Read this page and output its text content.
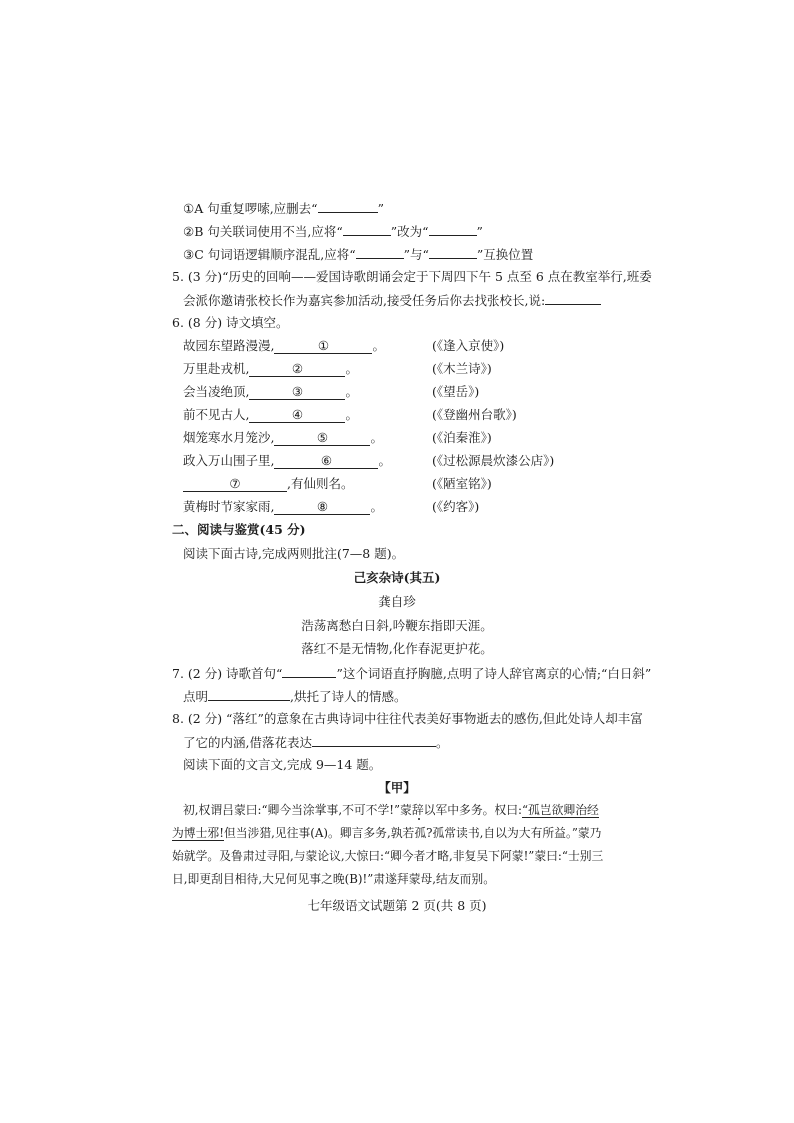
①A 句重复啰嗦,应删去“	”
②B 句关联词使用不当,应将“	”改为“	”
③C 句词语逻辑顺序混乱,应将“	”与“	”互换位置
5. (3 分)“历史的回响——爱国诗歌朗诵会定于下周四下午 5 点至 6 点在教室举行,班委
会派你邀请张校长作为嘉宾参加活动,接受任务后你去找张校长,说:
6. (8 分) 诗文填空。
故园东望路漫漫,	①	。	(《逢入京使》)
万里赴戎机,	②	。	(《木兰诗》)
会当凌绝顶,	③	。	(《望岳》)
前不见古人,	④	。	(《登幽州台歌》)
烟笼寒水月笼沙,	⑤	。	(《泊秦淮》)
政入万山围子里,	⑥	。	(《过松源晨炊漆公店》)
⑦	,有仙则名。	(《陋室铭》)
黄梅时节家家雨,	⑧	。	(《约客》)
二、阅读与鉴赏(45 分)
阅读下面古诗,完成两则批注(7—8 题)。
己亥杂诗(其五)
龚自珍
浩荡离愁白日斜,吟鞭东指即天涯。
落红不是无情物,化作春泥更护花。
7. (2 分) 诗歌首句“	”这个词语直抒胸臆,点明了诗人辞官离京的心情;“白日斜”
点明	,烘托了诗人的情感。
8. (2 分) “落红”的意象在古典诗词中往往代表美好事物逝去的感伤,但此处诗人却丰富
了它的内涵,借落花表达	。
阅读下面的文言文,完成 9—14 题。
【甲】
初,权谓吕蒙曰:“卿今当涂掌事,不可不学!”蒙辞以军中多务。权曰:“孤岂欲卿治经
为博士邪!但当涉猎,见往事(A)。卿言多务,孰若孤?孤常读书,自以为大有所益。”蒙乃
始就学。及鲁肃过寻阳,与蒙论议,大惊曰:“卿今者才略,非复吴下阿蒙!”蒙曰:“士别三
日,即更刮目相待,大兄何见事之晚(B)!”肃遂拜蒙母,结友而别。
七年级语文试题第 2 页(共 8 页)
